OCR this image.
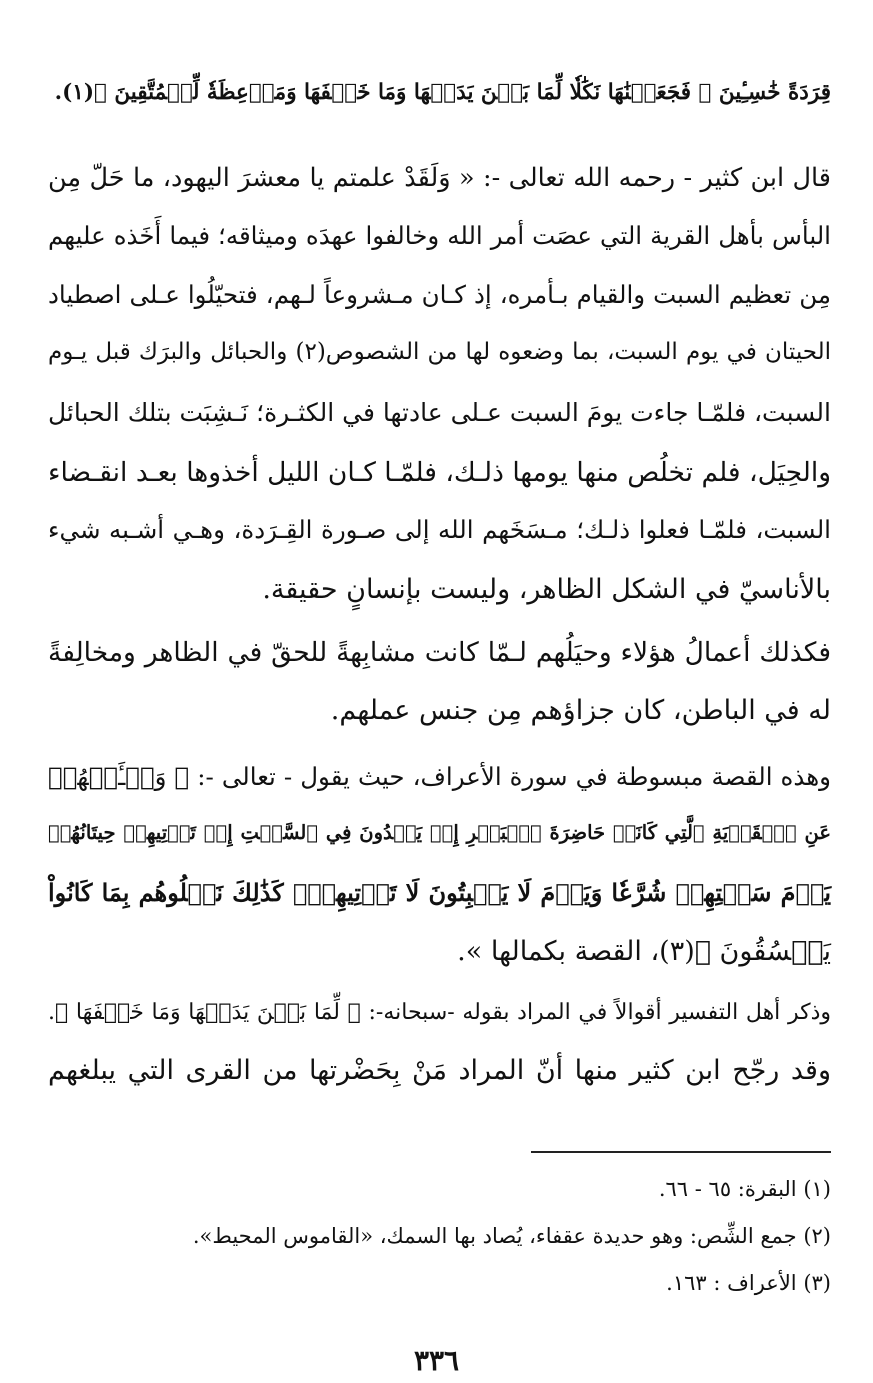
قِرَدَةً خَٰسِـِٔينَ ﴿ فَجَعَلۡنَٰهَا نَكَٰلٗا لِّمَا بَيۡنَ يَدَيۡهَا وَمَا خَلۡفَهَا وَمَوۡعِظَةٗ لِّلۡمُتَّقِينَ ﴾(١).
قال ابن كثير - رحمه الله تعالى -: « وَلَقَدْ علمتم يا معشرَ اليهود، ما حَلّ مِن
البأس بأهل القرية التي عصَت أمر الله وخالفوا عهدَه وميثاقه؛ فيما أَخَذه عليهم
مِن تعظيم السبت والقيام بـأمره، إذ كـان مـشروعاً لـهم، فتحيّلُوا عـلى اصطياد
الحيتان في يوم السبت، بما وضعوه لها من الشصوص(٢) والحبائل والبرَك قبل يـوم
السبت، فلمّـا جاءت يومَ السبت عـلى عادتها في الكثـرة؛ نَـشِبَت بتلك الحبائل
والحِيَل، فلم تخلُص منها يومها ذلـك، فلمّـا كـان الليل أخذوها بعـد انقـضاء
السبت، فلمّـا فعلوا ذلـك؛ مـسَخَهم الله إلى صـورة القِـرَدة، وهـي أشـبه شيء
بالأناسيّ في الشكل الظاهر، وليست بإنسانٍ حقيقة.
فكذلك أعمالُ هؤلاء وحيَلُهم لـمّا كانت مشابِهةً للحقّ في الظاهر ومخالِفةً
له في الباطن، كان جزاؤهم مِن جنس عملهم.
وهذه القصة مبسوطة في سورة الأعراف، حيث يقول - تعالى -: ﴿ وَسۡـَٔلۡهُمۡ
عَنِ ٱلۡقَرۡيَةِ ٱلَّتِي كَانَتۡ حَاضِرَةَ ٱلۡبَحۡرِ إِذۡ يَعۡدُونَ فِي ٱلسَّبۡتِ إِذۡ تَأۡتِيهِمۡ حِيتَانُهُمۡ
يَوۡمَ سَبۡتِهِمۡ شُرَّعٗا وَيَوۡمَ لَا يَسۡبِتُونَ لَا تَأۡتِيهِمۡۚ كَذَٰلِكَ نَبۡلُوهُم بِمَا كَانُواْ
يَفۡسُقُونَ ﴾(٣)، القصة بكمالها ».
وذكر أهل التفسير أقوالاً في المراد بقوله -سبحانه-: ﴿ لِّمَا بَيۡنَ يَدَيۡهَا وَمَا خَلۡفَهَا ﴾.
وقد رجّح ابن كثير منها أنّ المراد مَنْ بِحَضْرتها من القرى التي يبلغهم
(١) البقرة: ٦٥ - ٦٦.
(٢) جمع الشِّص: وهو حديدة عقفاء، يُصاد بها السمك، «القاموس المحيط».
(٣) الأعراف : ١٦٣.
٣٣٦
